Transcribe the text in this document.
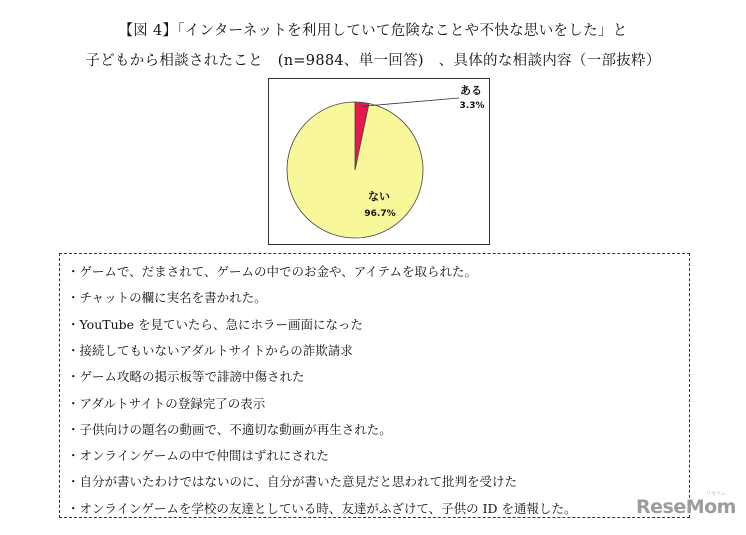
【図 4】「インターネットを利用していて危険なことや不快な思いをした」と
子どもから相談されたこと　(n=9884、単一回答)　、具体的な相談内容（一部抜粋）
ある
3.3%
ない
96.7%
・ゲームで、だまされて、ゲームの中でのお金や、アイテムを取られた。
・チャットの欄に実名を書かれた。
・YouTube を見ていたら、急にホラー画面になった
・接続してもいないアダルトサイトからの詐欺請求
・ゲーム攻略の掲示板等で誹謗中傷された
・アダルトサイトの登録完了の表示
・子供向けの題名の動画で、不適切な動画が再生された。
・オンラインゲームの中で仲間はずれにされた
・自分が書いたわけではないのに、自分が書いた意見だと思われて批判を受けた
・オンラインゲームを学校の友達としている時、友達がふざけて、子供の ID を通報した。
リセマム
ReseMom
